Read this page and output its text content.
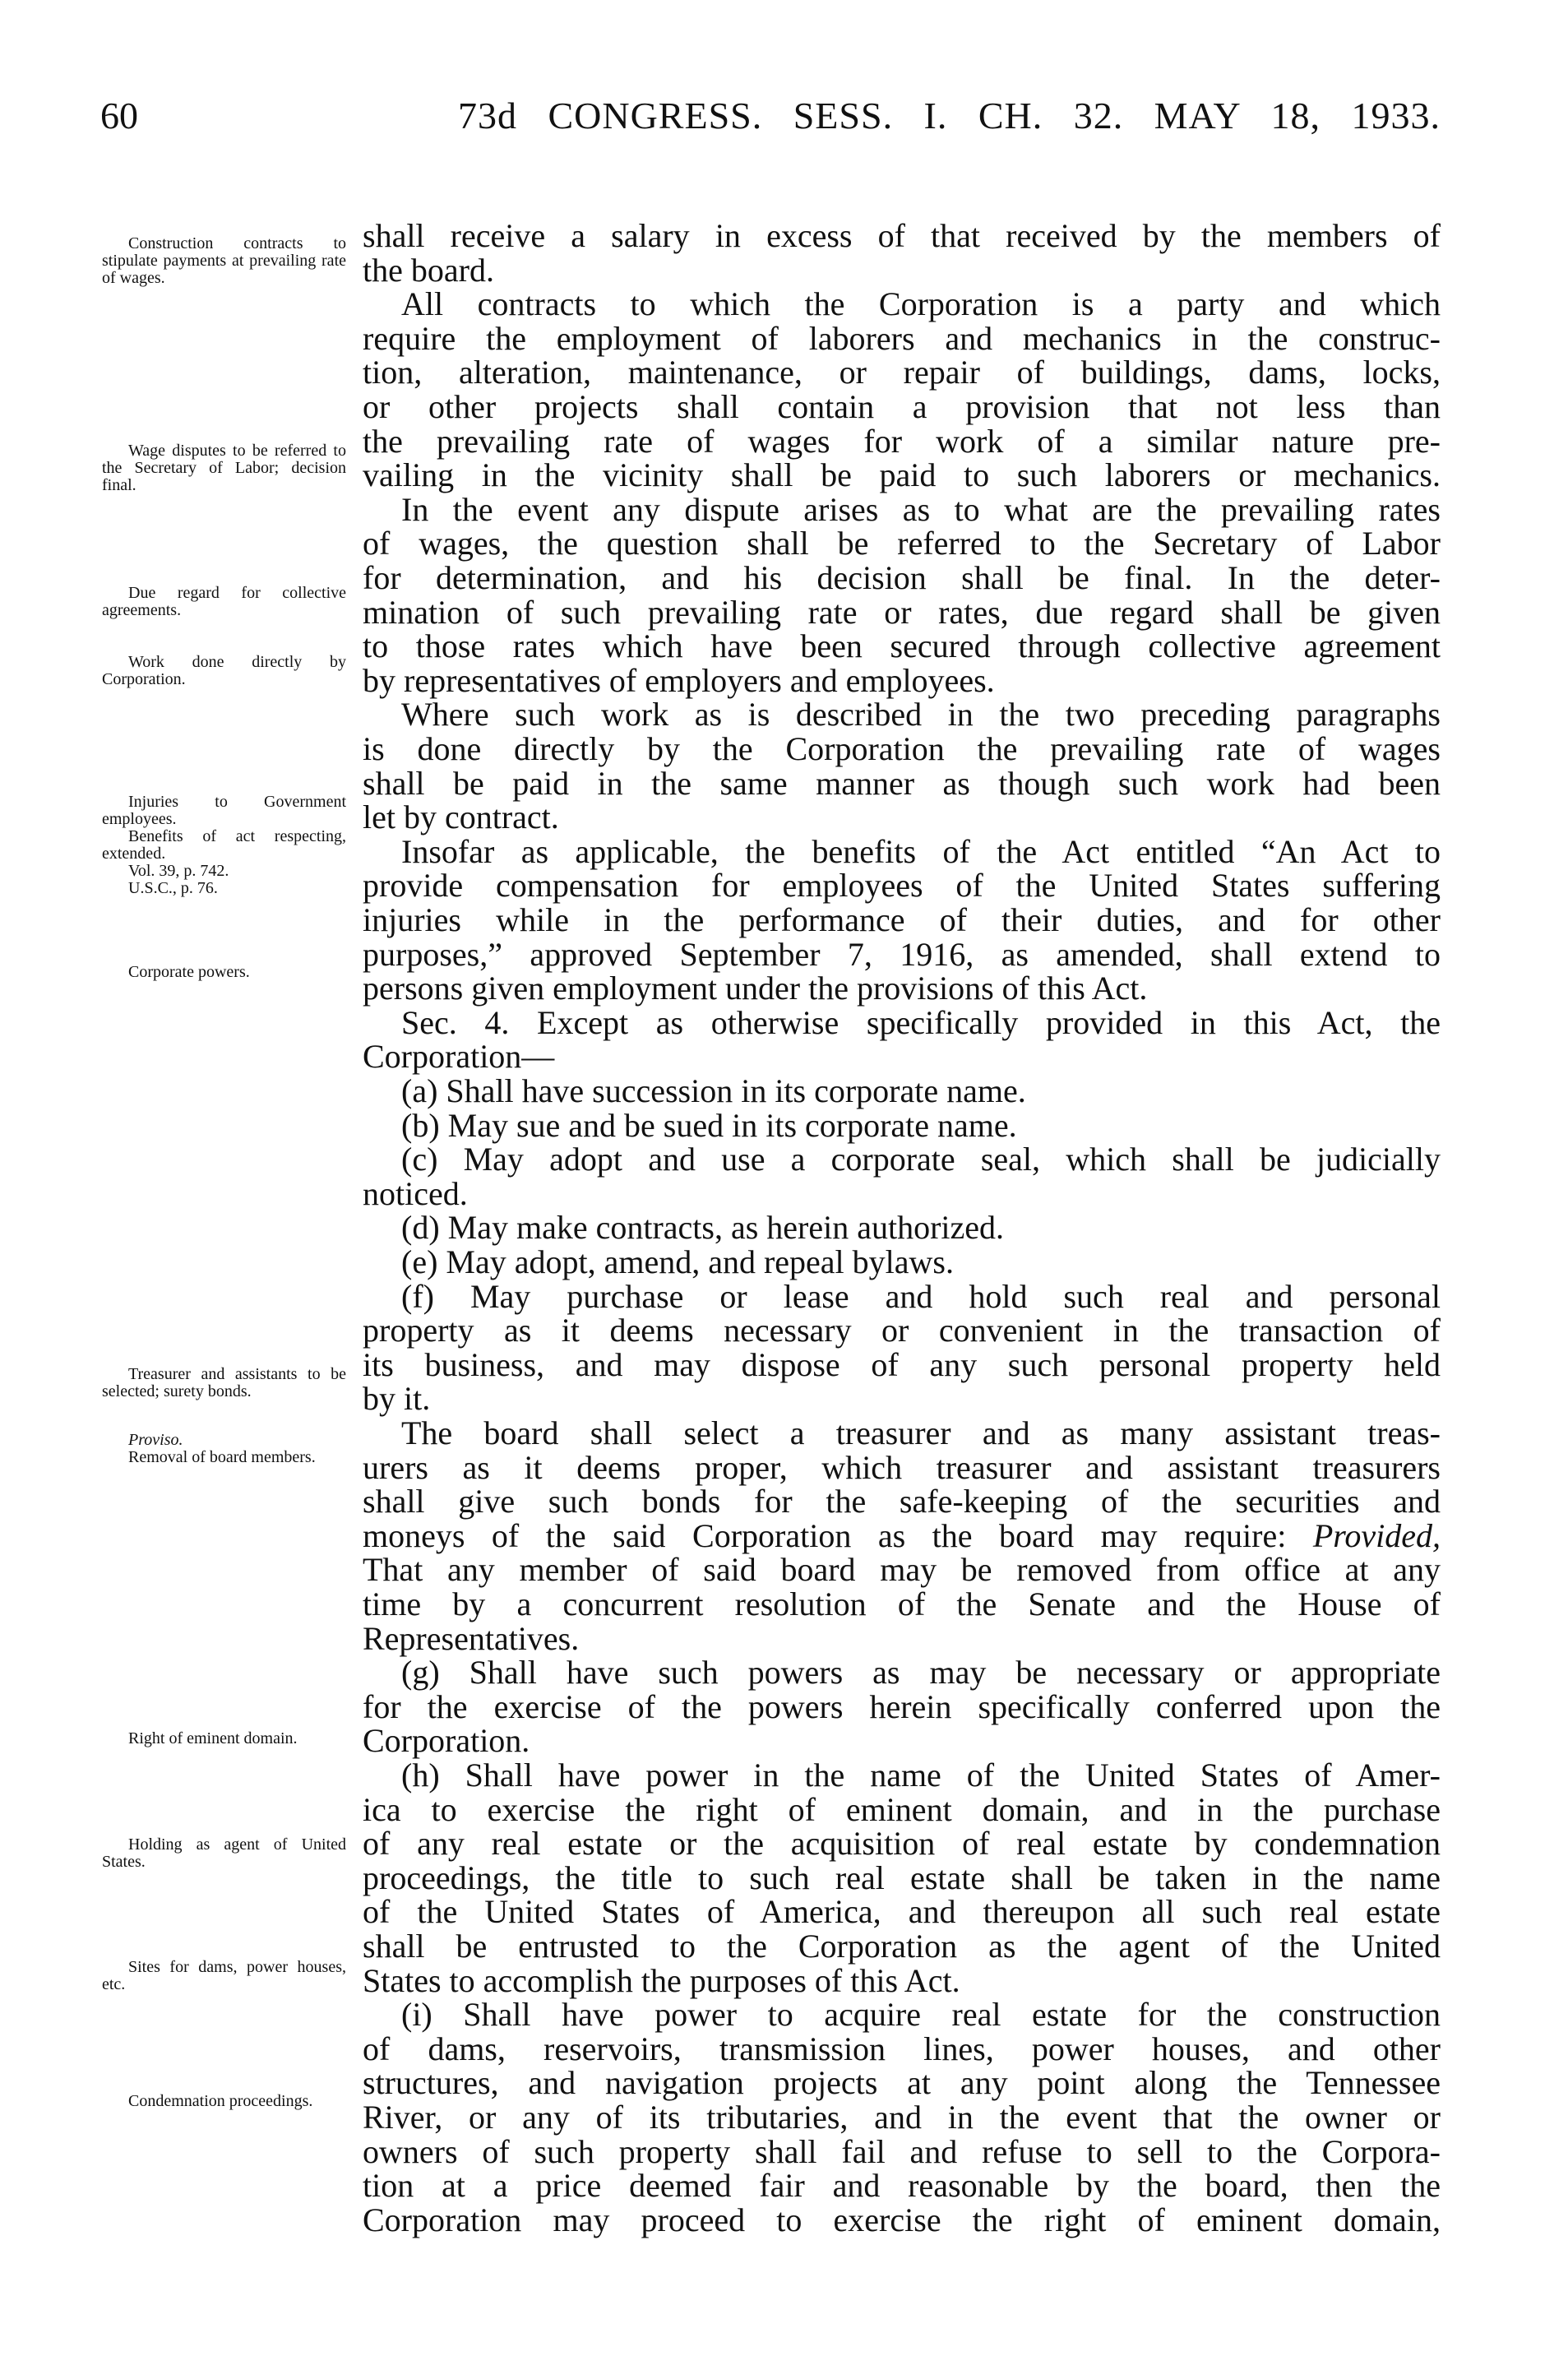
60	73d CONGRESS. SESS. I. CH. 32. MAY 18, 1933.
shall receive a salary in excess of that received by the members of
the board.
All contracts to which the Corporation is a party and which
require the employment of laborers and mechanics in the construc-
tion, alteration, maintenance, or repair of buildings, dams, locks,
or other projects shall contain a provision that not less than
the prevailing rate of wages for work of a similar nature pre-
vailing in the vicinity shall be paid to such laborers or mechanics.
In the event any dispute arises as to what are the prevailing rates
of wages, the question shall be referred to the Secretary of Labor
for determination, and his decision shall be final. In the deter-
mination of such prevailing rate or rates, due regard shall be given
to those rates which have been secured through collective agreement
by representatives of employers and employees.
Where such work as is described in the two preceding paragraphs
is done directly by the Corporation the prevailing rate of wages
shall be paid in the same manner as though such work had been
let by contract.
Insofar as applicable, the benefits of the Act entitled “An Act to
provide compensation for employees of the United States suffering
injuries while in the performance of their duties, and for other
purposes,” approved September 7, 1916, as amended, shall extend to
persons given employment under the provisions of this Act.
Sec. 4. Except as otherwise specifically provided in this Act, the
Corporation—
(a) Shall have succession in its corporate name.
(b) May sue and be sued in its corporate name.
(c) May adopt and use a corporate seal, which shall be judicially
noticed.
(d) May make contracts, as herein authorized.
(e) May adopt, amend, and repeal bylaws.
(f) May purchase or lease and hold such real and personal
property as it deems necessary or convenient in the transaction of
its business, and may dispose of any such personal property held
by it.
The board shall select a treasurer and as many assistant treas-
urers as it deems proper, which treasurer and assistant treasurers
shall give such bonds for the safe-keeping of the securities and
moneys of the said Corporation as the board may require: Provided,
That any member of said board may be removed from office at any
time by a concurrent resolution of the Senate and the House of
Representatives.
(g) Shall have such powers as may be necessary or appropriate
for the exercise of the powers herein specifically conferred upon the
Corporation.
(h) Shall have power in the name of the United States of Amer-
ica to exercise the right of eminent domain, and in the purchase
of any real estate or the acquisition of real estate by condemnation
proceedings, the title to such real estate shall be taken in the name
of the United States of America, and thereupon all such real estate
shall be entrusted to the Corporation as the agent of the United
States to accomplish the purposes of this Act.
(i) Shall have power to acquire real estate for the construction
of dams, reservoirs, transmission lines, power houses, and other
structures, and navigation projects at any point along the Tennessee
River, or any of its tributaries, and in the event that the owner or
owners of such property shall fail and refuse to sell to the Corpora-
tion at a price deemed fair and reasonable by the board, then the
Corporation may proceed to exercise the right of eminent domain,
Construction contracts to stipulate payments at prevailing rate of wages.
Wage disputes to be referred to the Secretary of Labor; decision final.
Due regard for collective agreements.
Work done directly by Corporation.
Injuries to Government employees.
Benefits of act respecting, extended.
Vol. 39, p. 742.
U.S.C., p. 76.
Corporate powers.
Treasurer and assistants to be selected; surety bonds.
Proviso.
Removal of board members.
Right of eminent domain.
Holding as agent of United States.
Sites for dams, power houses, etc.
Condemnation proceedings.
